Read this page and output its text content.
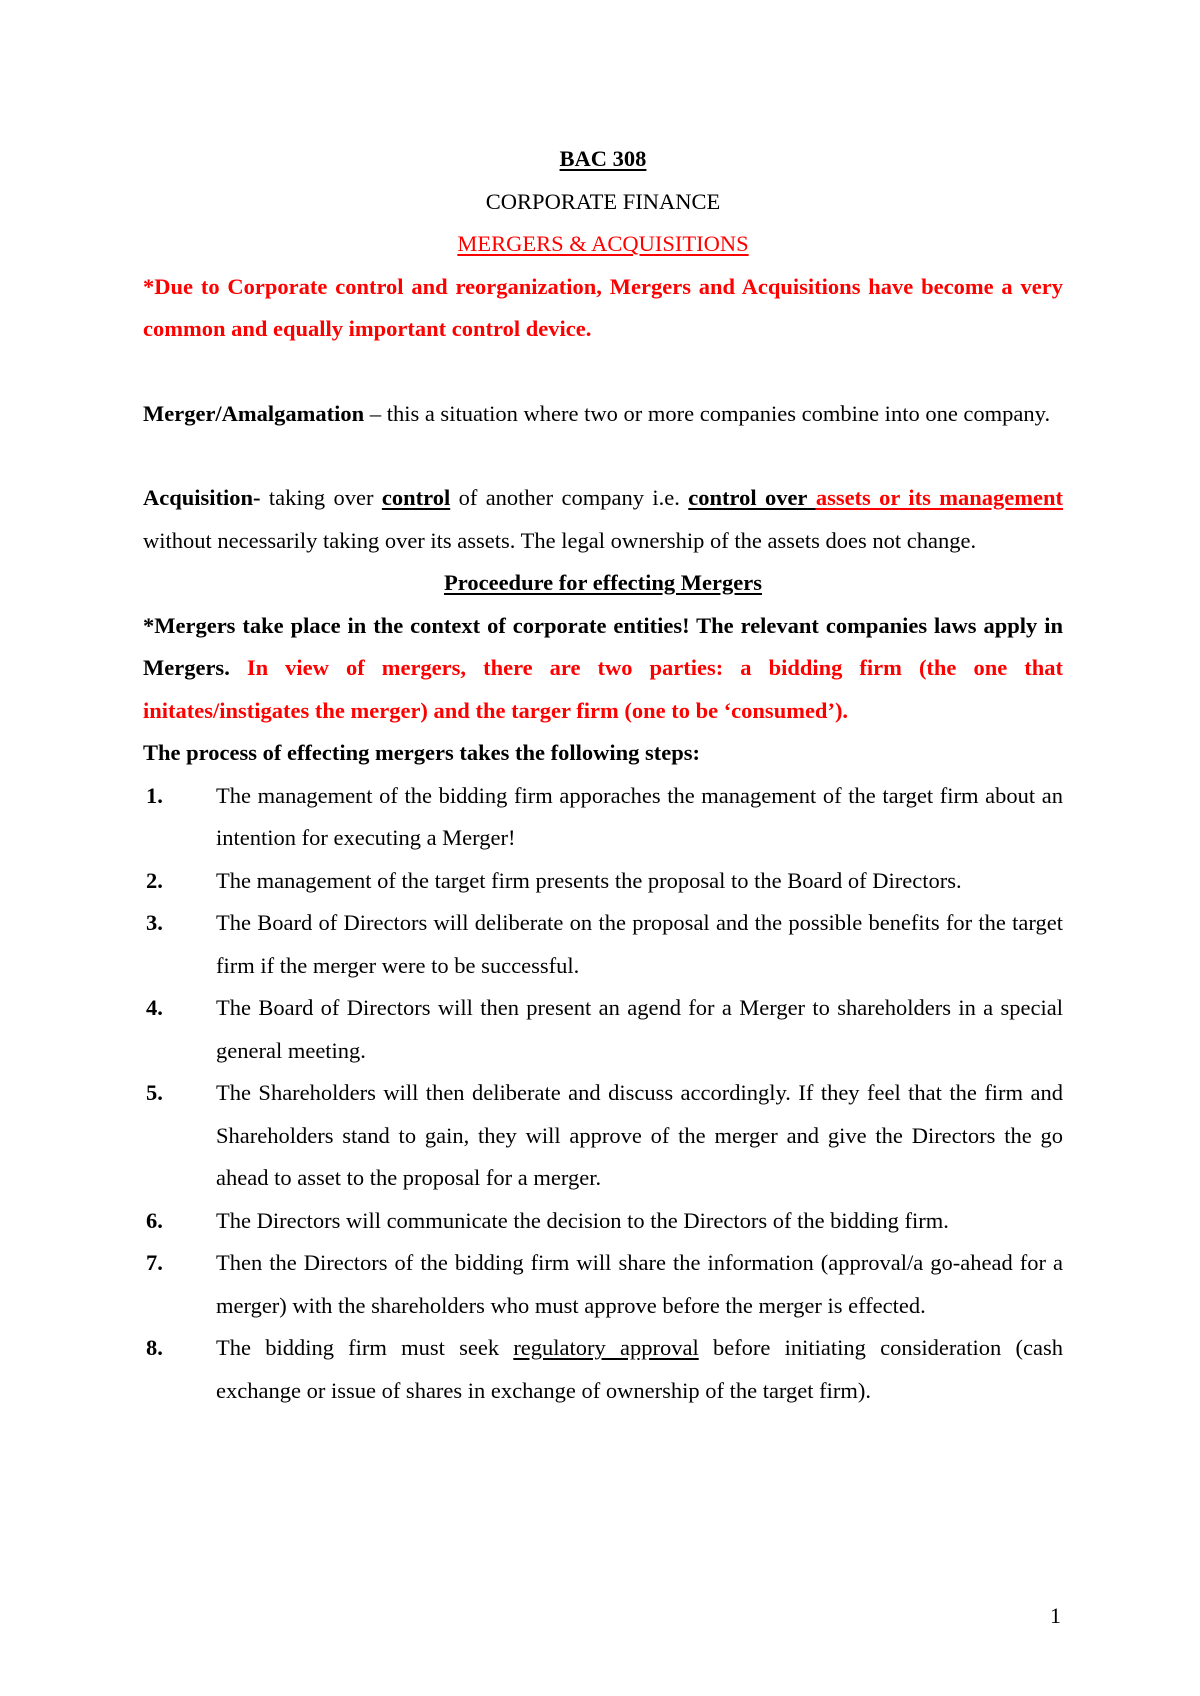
BAC 308
CORPORATE FINANCE
MERGERS & ACQUISITIONS
*Due to Corporate control and reorganization, Mergers and Acquisitions have become a very common and equally important control device.
Merger/Amalgamation – this a situation where two or more companies combine into one company.
Acquisition- taking over control of another company i.e. control over assets or its management without necessarily taking over its assets. The legal ownership of the assets does not change.
Proceedure for effecting Mergers
*Mergers take place in the context of corporate entities! The relevant companies laws apply in Mergers. In view of mergers, there are two parties: a bidding firm (the one that initates/instigates the merger) and the targer firm (one to be ‘consumed’).
The process of effecting mergers takes the following steps:
1. The management of the bidding firm apporaches the management of the target firm about an intention for executing a Merger!
2. The management of the target firm presents the proposal to the Board of Directors.
3. The Board of Directors will deliberate on the proposal and the possible benefits for the target firm if the merger were to be successful.
4. The Board of Directors will then present an agend for a Merger to shareholders in a special general meeting.
5. The Shareholders will then deliberate and discuss accordingly. If they feel that the firm and Shareholders stand to gain, they will approve of the merger and give the Directors the go ahead to asset to the proposal for a merger.
6. The Directors will communicate the decision to the Directors of the bidding firm.
7. Then the Directors of the bidding firm will share the information (approval/a go-ahead for a merger) with the shareholders who must approve before the merger is effected.
8. The bidding firm must seek regulatory approval before initiating consideration (cash exchange or issue of shares in exchange of ownership of the target firm).
1
